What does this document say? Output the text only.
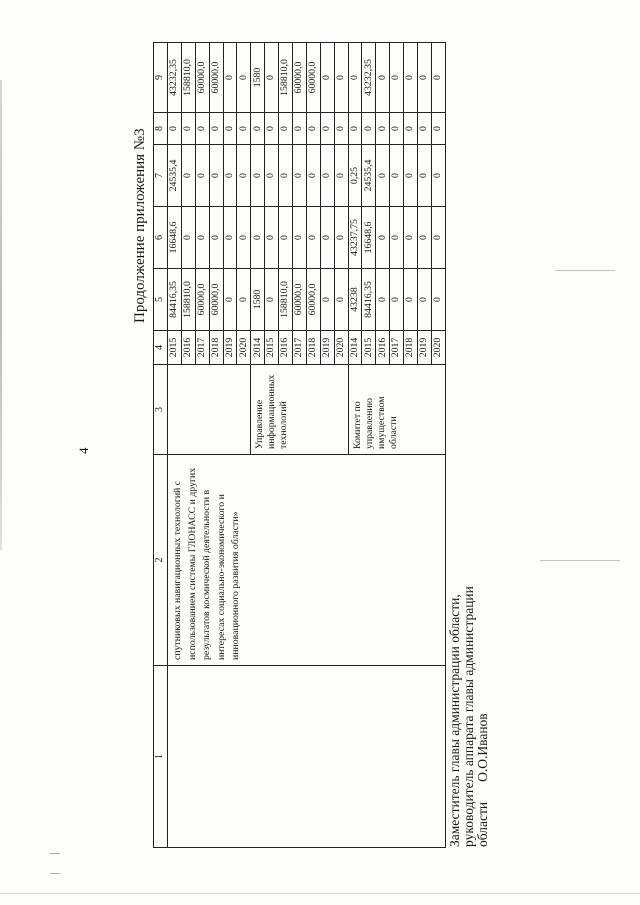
4
Продолжение приложения №3
1	2	3	4	5	6	7	8	9
	спутниковых навигационных технологий с использованием системы ГЛОНАСС и других результатов космической деятельности в интересах социально-экономического и инновационного развития области»		2015	84416,35	16648,6	24535,4	0	43232,35
			2016	158810,0	0	0	0	158810,0
			2017	60000,0	0	0	0	60000,0
			2018	60000,0	0	0	0	60000,0
			2019	0	0	0	0	0
			2020	0	0	0	0	0
		Управление информационных технологий	2014	1580	0	0	0	1580
			2015	0	0	0	0	0
			2016	158810,0	0	0	0	158810,0
			2017	60000,0	0	0	0	60000,0
			2018	60000,0	0	0	0	60000,0
			2019	0	0	0	0	0
			2020	0	0	0	0	0
		Комитет по управлению имуществом области	2014	43238	43237,75	0,25	0	0
			2015	84416,35	16648,6	24535,4	0	43232,35
			2016	0	0	0	0	0
			2017	0	0	0	0	0
			2018	0	0	0	0	0
			2019	0	0	0	0	0
			2020	0	0	0	0	0
Заместитель главы администрации области, руководитель аппарата главы администрации областиО.О.Иванов
